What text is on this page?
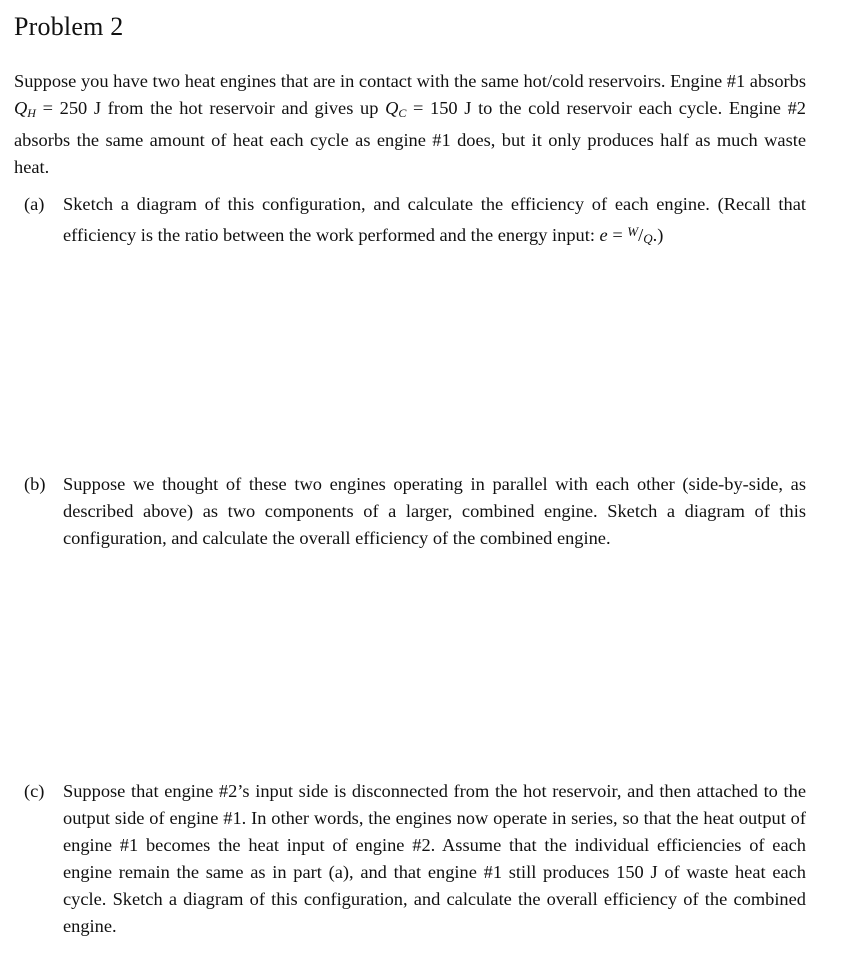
Problem 2

Suppose you have two heat engines that are in contact with the same hot/cold reservoirs. Engine #1 absorbs $Q_H = 250$ J from the hot reservoir and gives up $Q_C = 150$ J to the cold reservoir each cycle. Engine #2 absorbs the same amount of heat each cycle as engine #1 does, but it only produces half as much waste heat.

(a) Sketch a diagram of this configuration, and calculate the efficiency of each engine. (Recall that efficiency is the ratio between the work performed and the energy input: e = $^W$/Q.)
(b) Suppose we thought of these two engines operating in parallel with each other (side-by-side, as described above) as two components of a larger, combined engine. Sketch a diagram of this configuration, and calculate the overall efficiency of the combined engine.
(c) Suppose that engine #2’s input side is disconnected from the hot reservoir, and then attached to the output side of engine #1. In other words, the engines now operate in series, so that the heat output of engine #1 becomes the heat input of engine #2. Assume that the individual efficiencies of each engine remain the same as in part (a), and that engine #1 still produces 150 J of waste heat each cycle. Sketch a diagram of this configuration, and calculate the overall efficiency of the combined engine.
